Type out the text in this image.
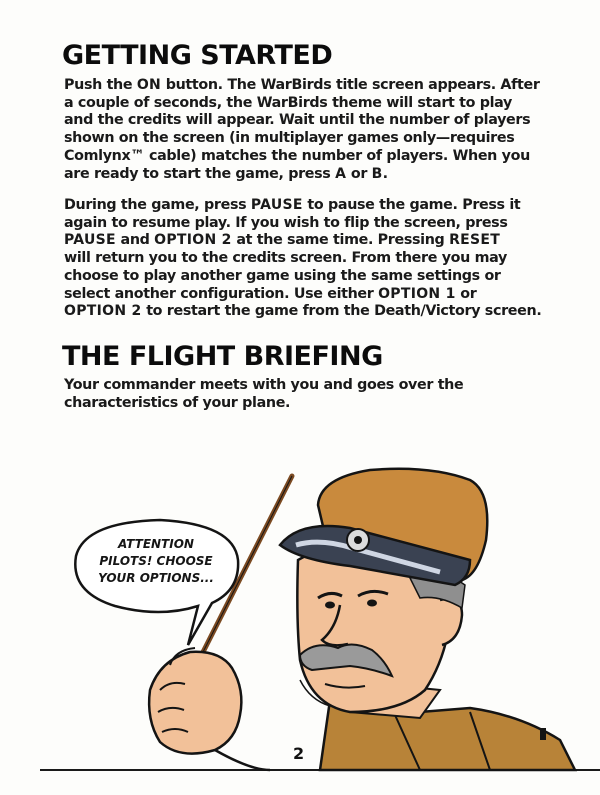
GETTING STARTED
Push the ON button. The WarBirds title screen appears. After
a couple of seconds, the WarBirds theme will start to play
and the credits will appear. Wait until the number of players
shown on the screen (in multiplayer games only—requires
Comlynx™ cable) matches the number of players. When you
are ready to start the game, press A or B.
During the game, press PAUSE to pause the game. Press it
again to resume play. If you wish to flip the screen, press
PAUSE and OPTION 2 at the same time. Pressing RESET
will return you to the credits screen. From there you may
choose to play another game using the same settings or
select another configuration. Use either OPTION 1 or
OPTION 2 to restart the game from the Death/Victory screen.
THE FLIGHT BRIEFING
Your commander meets with you and goes over the
characteristics of your plane.
ATTENTION
PILOTS! CHOOSE
YOUR OPTIONS...
2
